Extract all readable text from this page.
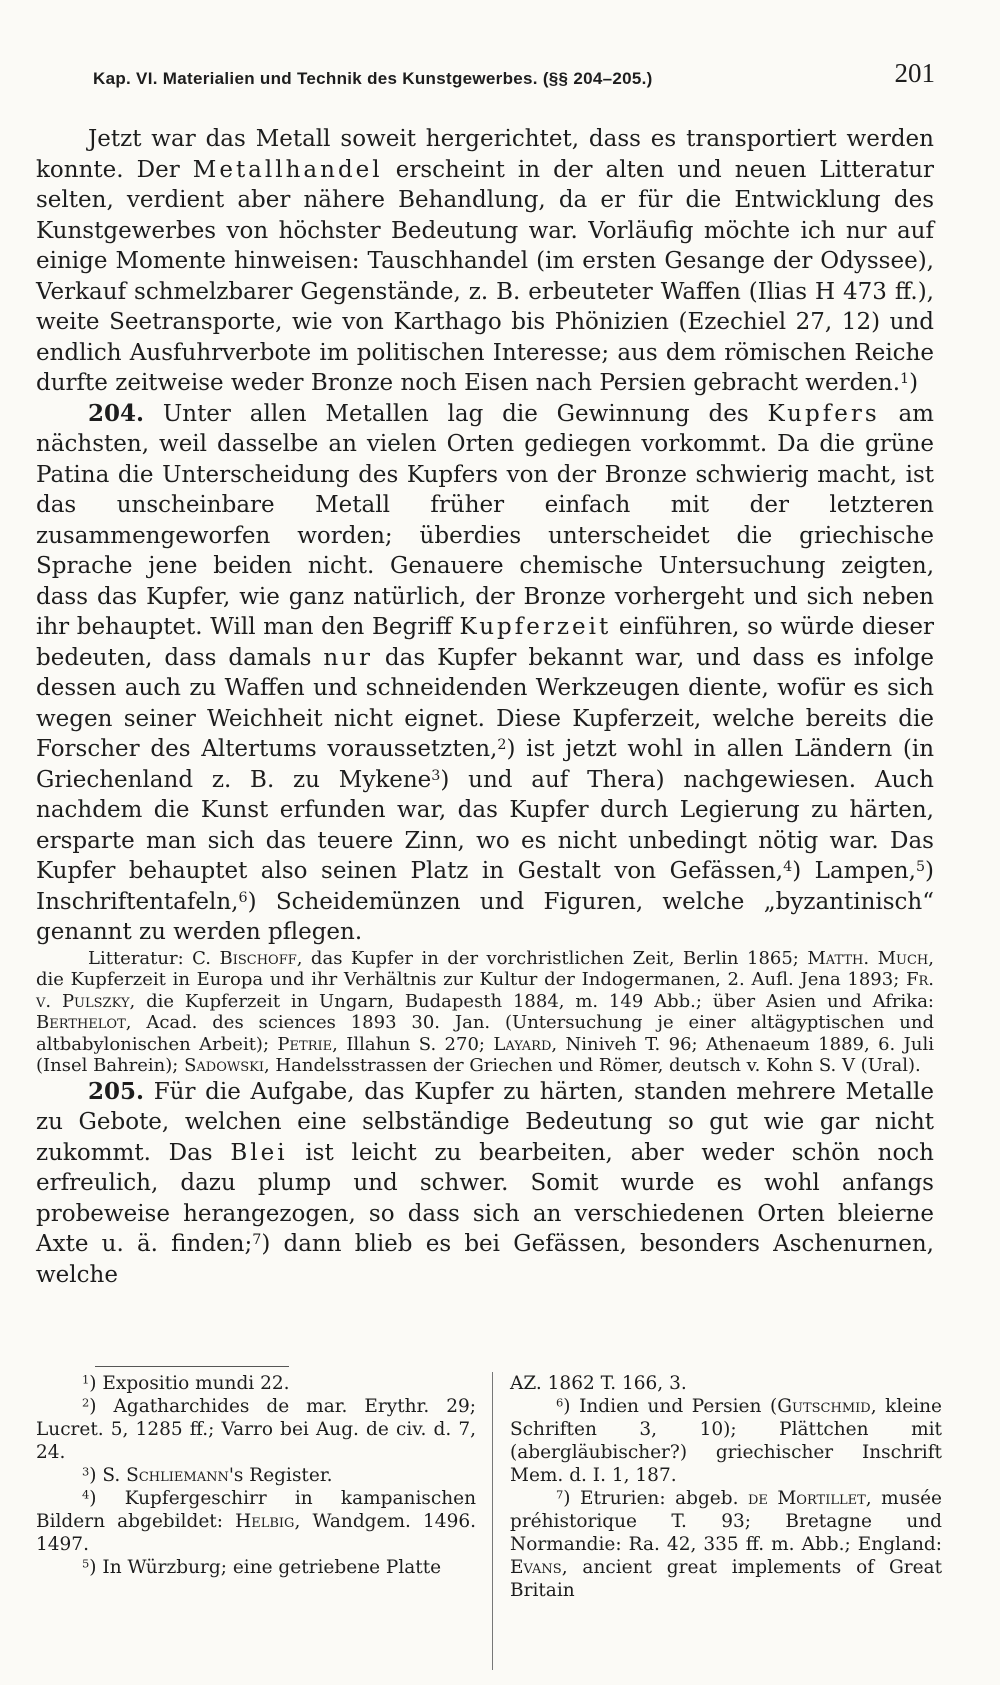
Kap. VI. Materialien und Technik des Kunstgewerbes. (§§ 204–205.)	201

Jetzt war das Metall soweit hergerichtet, dass es transportiert werden konnte. Der Metallhandel erscheint in der alten und neuen Litteratur selten, verdient aber nähere Behandlung, da er für die Entwicklung des Kunstgewerbes von höchster Bedeutung war. Vorläufig möchte ich nur auf einige Momente hinweisen: Tauschhandel (im ersten Gesange der Odyssee), Verkauf schmelzbarer Gegenstände, z. B. erbeuteter Waffen (Ilias H 473 ff.), weite Seetransporte, wie von Karthago bis Phönizien (Ezechiel 27, 12) und endlich Ausfuhrverbote im politischen Interesse; aus dem römischen Reiche durfte zeitweise weder Bronze noch Eisen nach Persien gebracht werden.$^1$)

204. Unter allen Metallen lag die Gewinnung des Kupfers am nächsten, weil dasselbe an vielen Orten gediegen vorkommt. Da die grüne Patina die Unterscheidung des Kupfers von der Bronze schwierig macht, ist das unscheinbare Metall früher einfach mit der letzteren zusammengeworfen worden; überdies unterscheidet die griechische Sprache jene beiden nicht. Genauere chemische Untersuchung zeigten, dass das Kupfer, wie ganz natürlich, der Bronze vorhergeht und sich neben ihr behauptet. Will man den Begriff Kupferzeit einführen, so würde dieser bedeuten, dass damals nur das Kupfer bekannt war, und dass es infolge dessen auch zu Waffen und schneidenden Werkzeugen diente, wofür es sich wegen seiner Weichheit nicht eignet. Diese Kupferzeit, welche bereits die Forscher des Altertums voraussetzten,$^2$) ist jetzt wohl in allen Ländern (in Griechenland z. B. zu Mykene$^3$) und auf Thera) nachgewiesen. Auch nachdem die Kunst erfunden war, das Kupfer durch Legierung zu härten, ersparte man sich das teuere Zinn, wo es nicht unbedingt nötig war. Das Kupfer behauptet also seinen Platz in Gestalt von Gefässen,$^4$) Lampen,$^5$) Inschriftentafeln,$^6$) Scheidemünzen und Figuren, welche „byzantinisch“ genannt zu werden pflegen.

Litteratur: C. Bischoff, das Kupfer in der vorchristlichen Zeit, Berlin 1865; Matth. Much, die Kupferzeit in Europa und ihr Verhältnis zur Kultur der Indogermanen, 2. Aufl. Jena 1893; Fr. v. Pulszky, die Kupferzeit in Ungarn, Budapesth 1884, m. 149 Abb.; über Asien und Afrika: Berthelot, Acad. des sciences 1893 30. Jan. (Untersuchung je einer altägyptischen und altbabylonischen Arbeit); Petrie, Illahun S. 270; Layard, Niniveh T. 96; Athenaeum 1889, 6. Juli (Insel Bahrein); Sadowski, Handelsstrassen der Griechen und Römer, deutsch v. Kohn S. V (Ural).

205. Für die Aufgabe, das Kupfer zu härten, standen mehrere Metalle zu Gebote, welchen eine selbständige Bedeutung so gut wie gar nicht zukommt. Das Blei ist leicht zu bearbeiten, aber weder schön noch erfreulich, dazu plump und schwer. Somit wurde es wohl anfangs probeweise herangezogen, so dass sich an verschiedenen Orten bleierne Axte u. ä. finden;$^7$) dann blieb es bei Gefässen, besonders Aschenurnen, welche

$^1$) Expositio mundi 22.

$^2$) Agatharchides de mar. Erythr. 29; Lucret. 5, 1285 ff.; Varro bei Aug. de civ. d. 7, 24.

$^3$) S. Schliemann's Register.

$^4$) Kupfergeschirr in kampanischen Bildern abgebildet: Helbig, Wandgem. 1496. 1497.

$^5$) In Würzburg; eine getriebene Platte

AZ. 1862 T. 166, 3.

$^6$) Indien und Persien (Gutschmid, kleine Schriften 3, 10); Plättchen mit (abergläubischer?) griechischer Inschrift Mem. d. I. 1, 187.

$^7$) Etrurien: abgeb. de Mortillet, musée préhistorique T. 93; Bretagne und Normandie: Ra. 42, 335 ff. m. Abb.; England: Evans, ancient great implements of Great Britain
